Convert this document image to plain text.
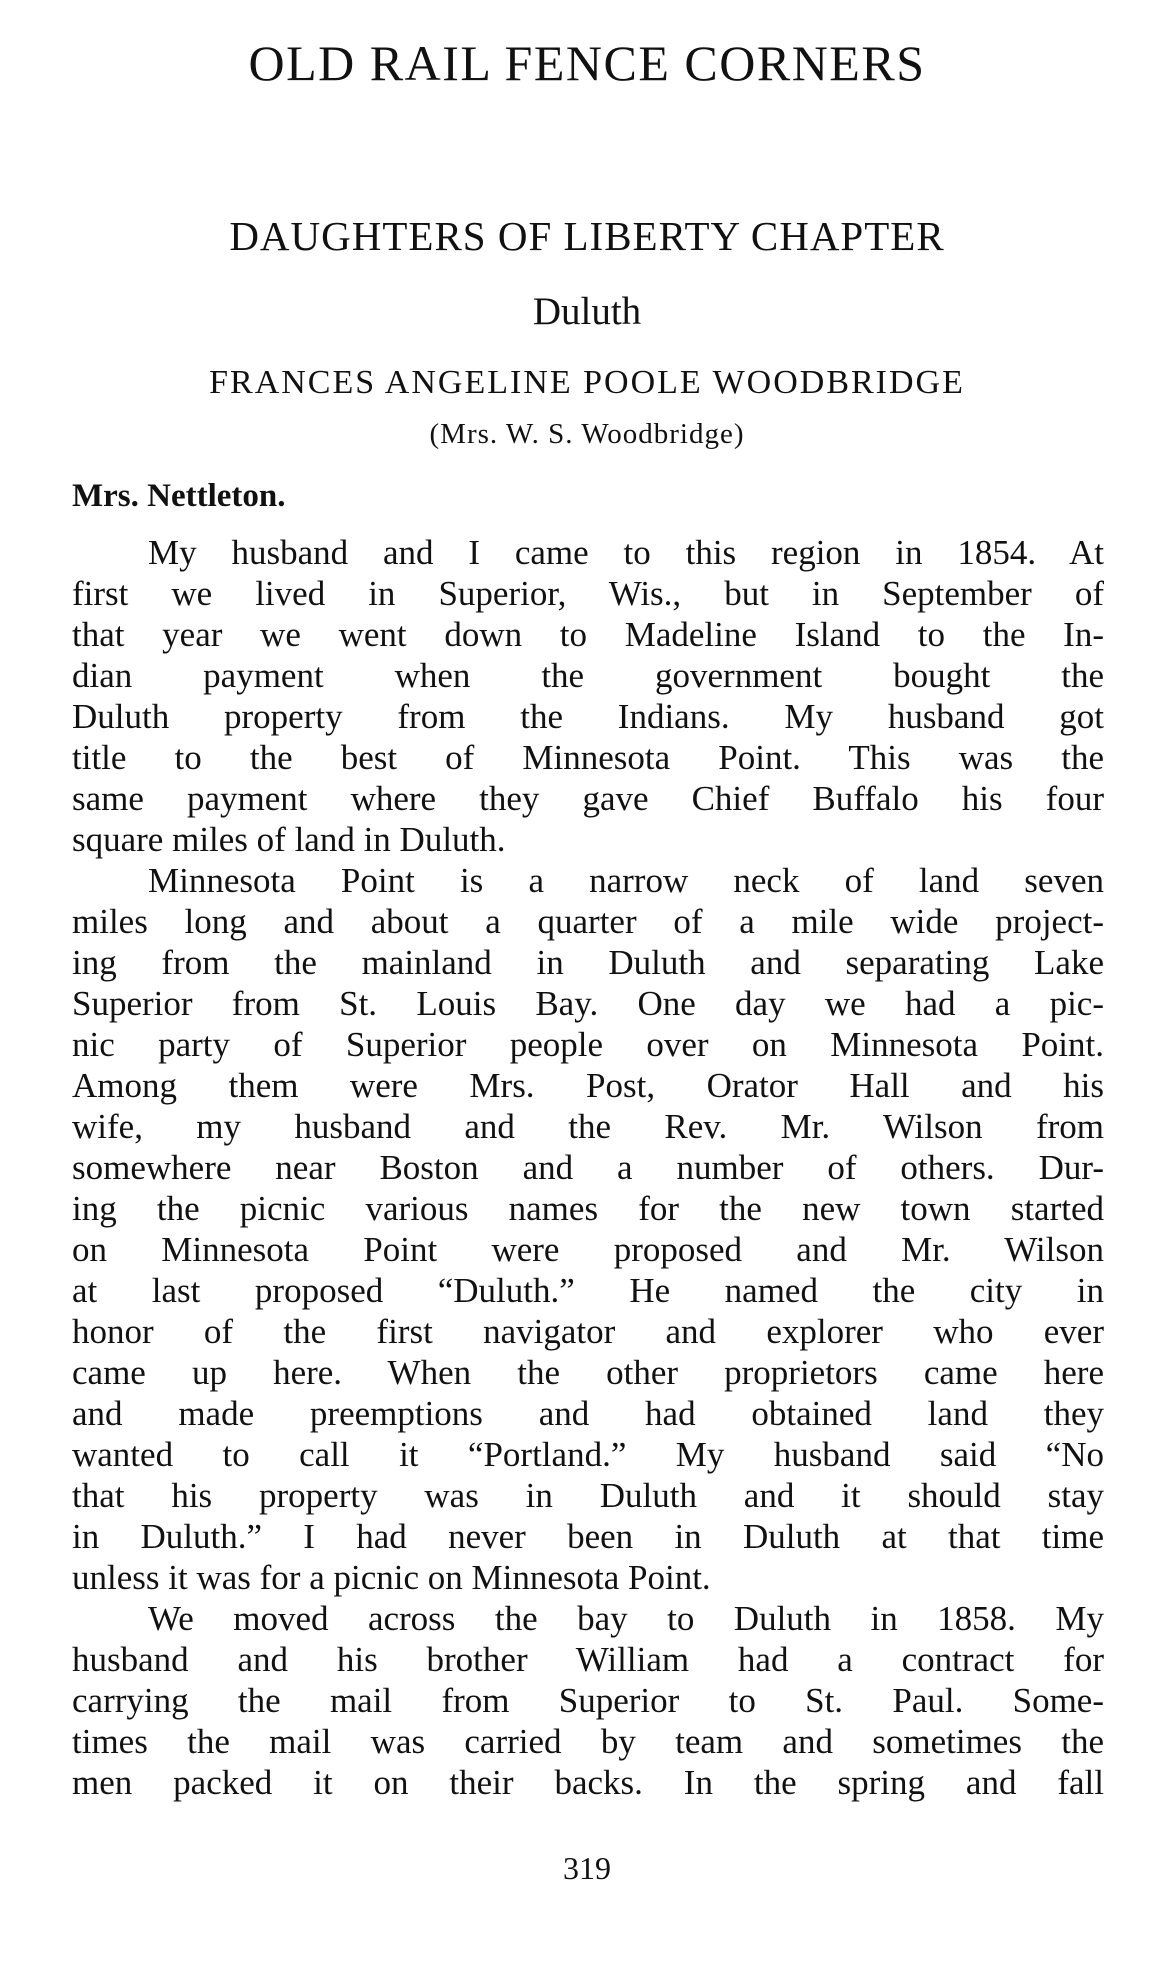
OLD RAIL FENCE CORNERS
DAUGHTERS OF LIBERTY CHAPTER
Duluth
FRANCES ANGELINE POOLE WOODBRIDGE
(Mrs. W. S. Woodbridge)
Mrs. Nettleton.
My husband and I came to this region in 1854. At
first we lived in Superior, Wis., but in September of
that year we went down to Madeline Island to the In-
dian payment when the government bought the
Duluth property from the Indians. My husband got
title to the best of Minnesota Point. This was the
same payment where they gave Chief Buffalo his four
square miles of land in Duluth.
Minnesota Point is a narrow neck of land seven
miles long and about a quarter of a mile wide project-
ing from the mainland in Duluth and separating Lake
Superior from St. Louis Bay. One day we had a pic-
nic party of Superior people over on Minnesota Point.
Among them were Mrs. Post, Orator Hall and his
wife, my husband and the Rev. Mr. Wilson from
somewhere near Boston and a number of others. Dur-
ing the picnic various names for the new town started
on Minnesota Point were proposed and Mr. Wilson
at last proposed “Duluth.” He named the city in
honor of the first navigator and explorer who ever
came up here. When the other proprietors came here
and made preemptions and had obtained land they
wanted to call it “Portland.” My husband said “No
that his property was in Duluth and it should stay
in Duluth.” I had never been in Duluth at that time
unless it was for a picnic on Minnesota Point.
We moved across the bay to Duluth in 1858. My
husband and his brother William had a contract for
carrying the mail from Superior to St. Paul. Some-
times the mail was carried by team and sometimes the
men packed it on their backs. In the spring and fall
319
